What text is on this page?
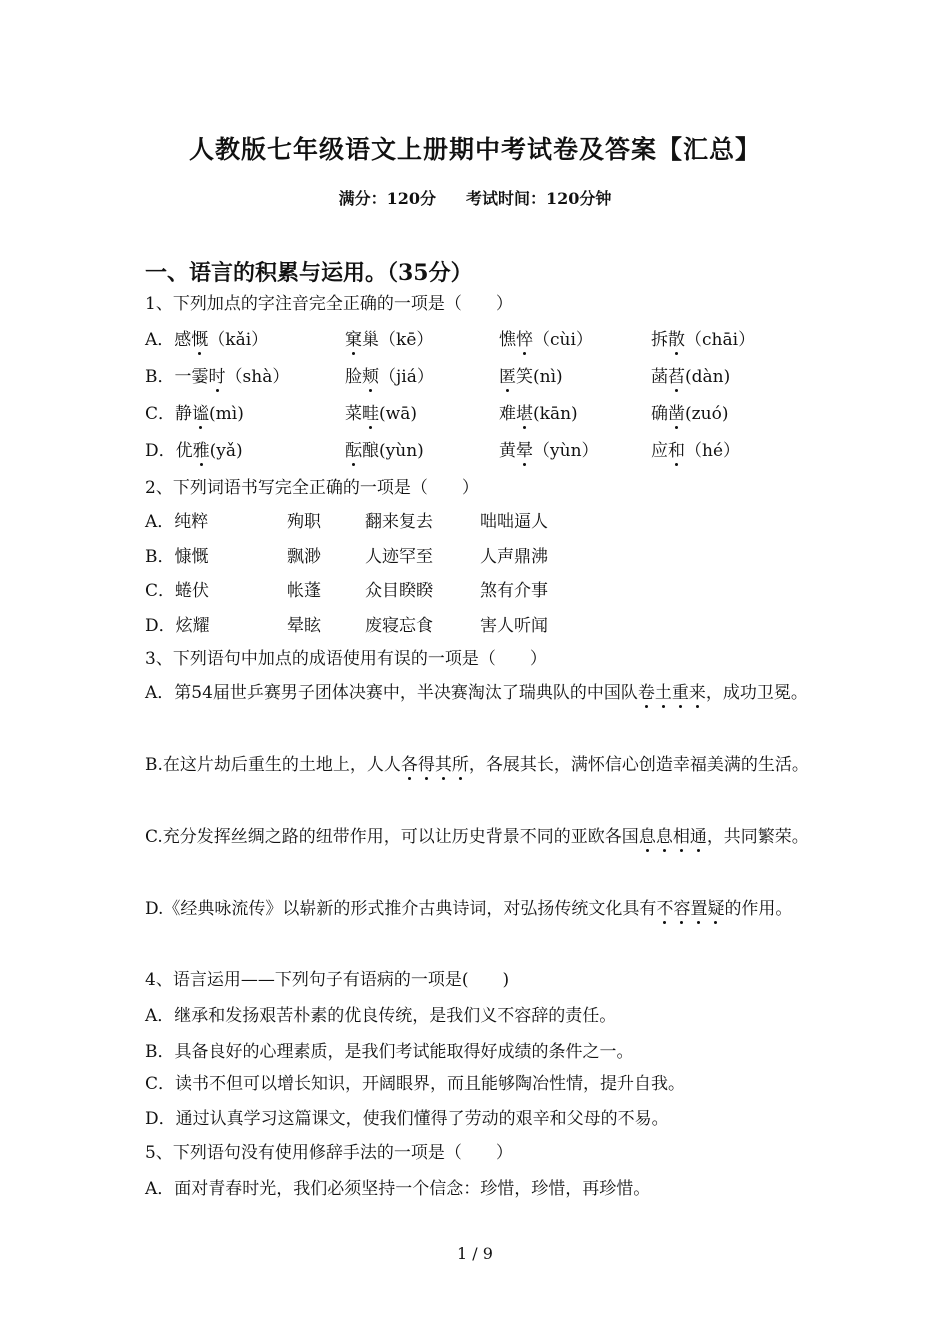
人教版七年级语文上册期中考试卷及答案【汇总】
满分：120分 考试时间：120分钟
一、语言的积累与运用。（35分）
1、下列加点的字注音完全正确的一项是（　　）
A．感慨（kǎi）	窠巢（kē）	憔悴（cùi）	拆散（chāi）
B．一霎时（shà）	脸颊（jiá）	匿笑(nì)	菡萏(dàn)
C．静谧(mì)	菜畦(wā)	难堪(kān)	确凿(zuó)
D．优雅(yǎ)	酝酿(yùn)	黄晕（yùn）	应和（hé）
2、下列词语书写完全正确的一项是（　　）
A．纯粹	殉职	翻来复去	咄咄逼人
B．慷慨	飘渺	人迹罕至	人声鼎沸
C．蜷伏	帐蓬	众目睽睽	煞有介事
D．炫耀	晕眩	废寝忘食	害人听闻
3、下列语句中加点的成语使用有误的一项是（　　）
A．第54届世乒赛男子团体决赛中，半决赛淘汰了瑞典队的中国队卷土重来，成功卫冕。
B.在这片劫后重生的土地上，人人各得其所，各展其长，满怀信心创造幸福美满的生活。
C.充分发挥丝绸之路的纽带作用，可以让历史背景不同的亚欧各国息息相通，共同繁荣。
D.《经典咏流传》以崭新的形式推介古典诗词，对弘扬传统文化具有不容置疑的作用。
4、语言运用——下列句子有语病的一项是(　　)
A．继承和发扬艰苦朴素的优良传统，是我们义不容辞的责任。
B．具备良好的心理素质，是我们考试能取得好成绩的条件之一。
C．读书不但可以增长知识，开阔眼界，而且能够陶冶性情，提升自我。
D．通过认真学习这篇课文，使我们懂得了劳动的艰辛和父母的不易。
5、下列语句没有使用修辞手法的一项是（　　）
A．面对青春时光，我们必须坚持一个信念：珍惜，珍惜，再珍惜。
1 / 9
